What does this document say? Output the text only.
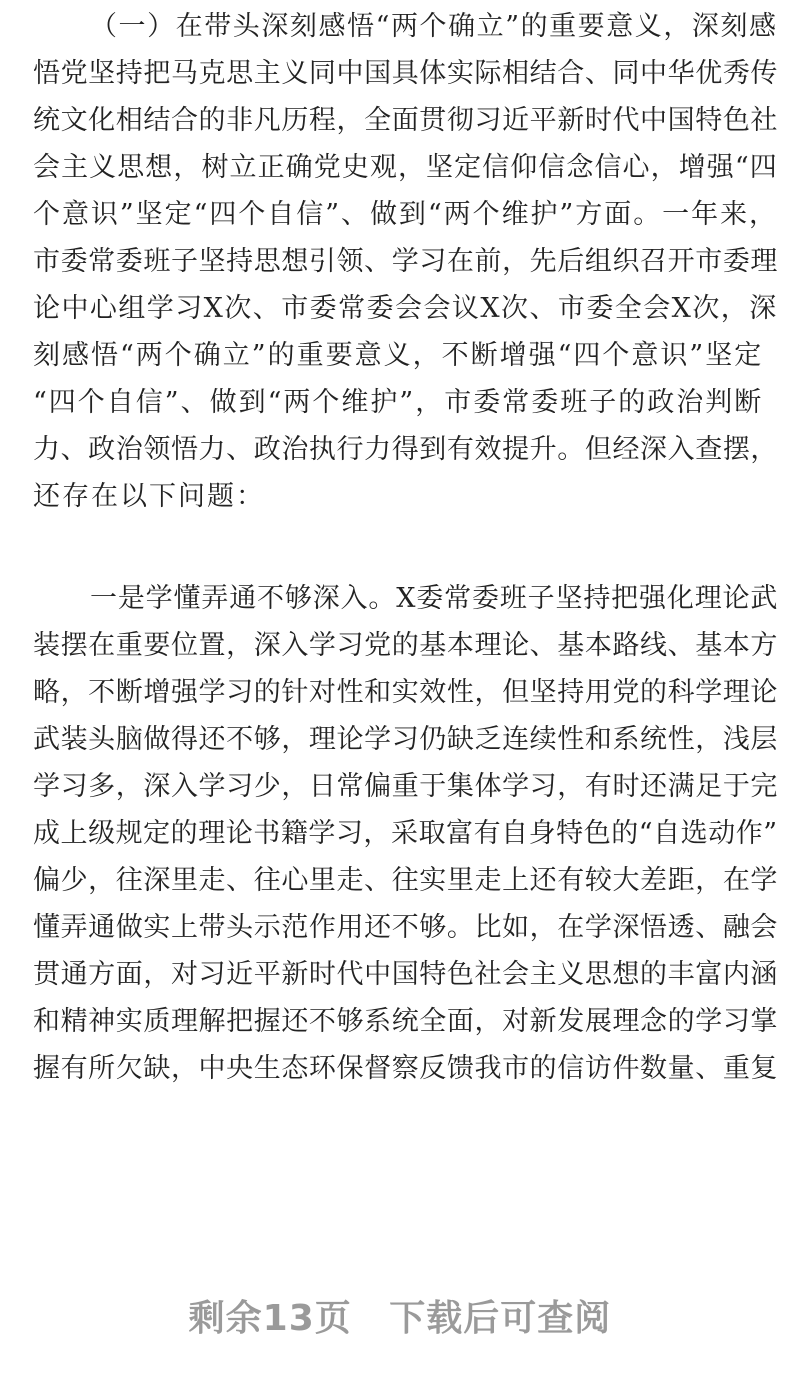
（一）在带头深刻感悟“两个确立”的重要意义，深刻感
悟党坚持把马克思主义同中国具体实际相结合、同中华优秀传
统文化相结合的非凡历程，全面贯彻习近平新时代中国特色社
会主义思想，树立正确党史观，坚定信仰信念信心，增强“四
个意识”坚定“四个自信”、做到“两个维护”方面。一年来，
市委常委班子坚持思想引领、学习在前，先后组织召开市委理
论中心组学习X次、市委常委会会议X次、市委全会X次，深
刻感悟“两个确立”的重要意义，不断增强“四个意识”坚定
“四个自信”、做到“两个维护”，市委常委班子的政治判断
力、政治领悟力、政治执行力得到有效提升。但经深入查摆，
还存在以下问题：
一是学懂弄通不够深入。X委常委班子坚持把强化理论武
装摆在重要位置，深入学习党的基本理论、基本路线、基本方
略，不断增强学习的针对性和实效性，但坚持用党的科学理论
武装头脑做得还不够，理论学习仍缺乏连续性和系统性，浅层
学习多，深入学习少，日常偏重于集体学习，有时还满足于完
成上级规定的理论书籍学习，采取富有自身特色的“自选动作”
偏少，往深里走、往心里走、往实里走上还有较大差距，在学
懂弄通做实上带头示范作用还不够。比如，在学深悟透、融会
贯通方面，对习近平新时代中国特色社会主义思想的丰富内涵
和精神实质理解把握还不够系统全面，对新发展理念的学习掌
握有所欠缺，中央生态环保督察反馈我市的信访件数量、重复
剩余13页 下载后可查阅
